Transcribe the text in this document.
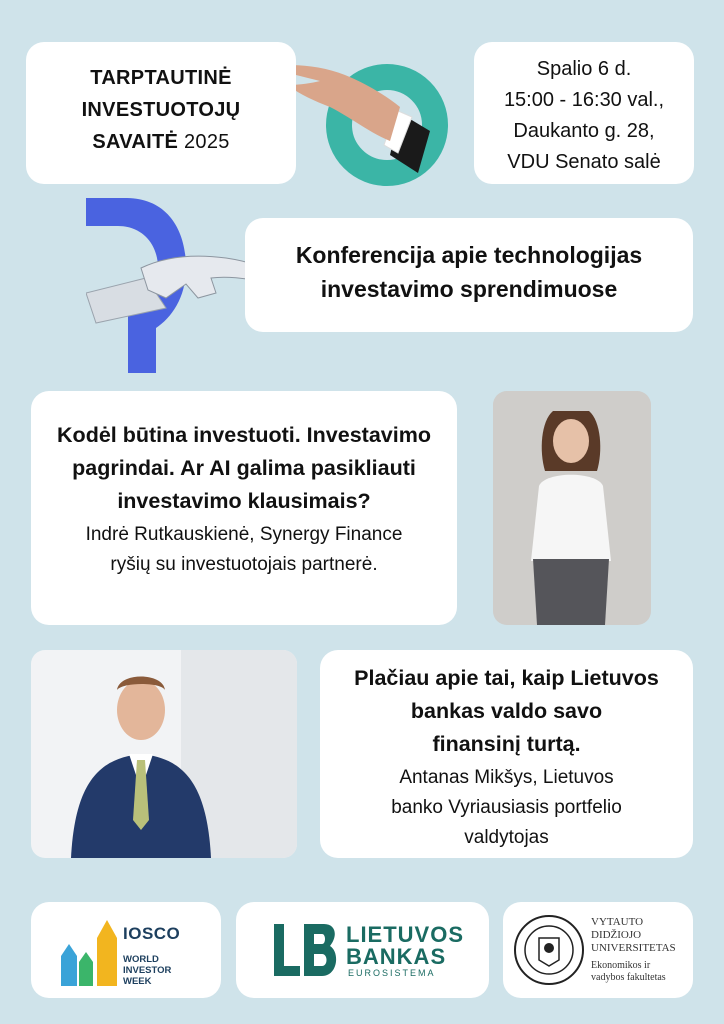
TARPTAUTINĖ
INVESTUOTOJŲ
SAVAITĖ 2025
Spalio 6 d.
15:00 - 16:30 val.,
Daukanto g. 28,
VDU Senato salė
Konferencija apie technologijas
investavimo sprendimuose
Kodėl būtina investuoti. Investavimo
pagrindai. Ar AI galima pasikliauti
investavimo klausimais?
Indrė Rutkauskienė, Synergy Finance
ryšių su investuotojais partnerė.
Plačiau apie tai, kaip Lietuvos
bankas valdo savo
finansinį turtą.
Antanas Mikšys, Lietuvos
banko Vyriausiasis portfelio
valdytojas
IOSCO
WORLD
INVESTOR
WEEK
LIETUVOS
BANKAS
EUROSISTEMA
VYTAUTO
DIDŽIOJO
UNIVERSITETAS
Ekonomikos ir
vadybos fakultetas
